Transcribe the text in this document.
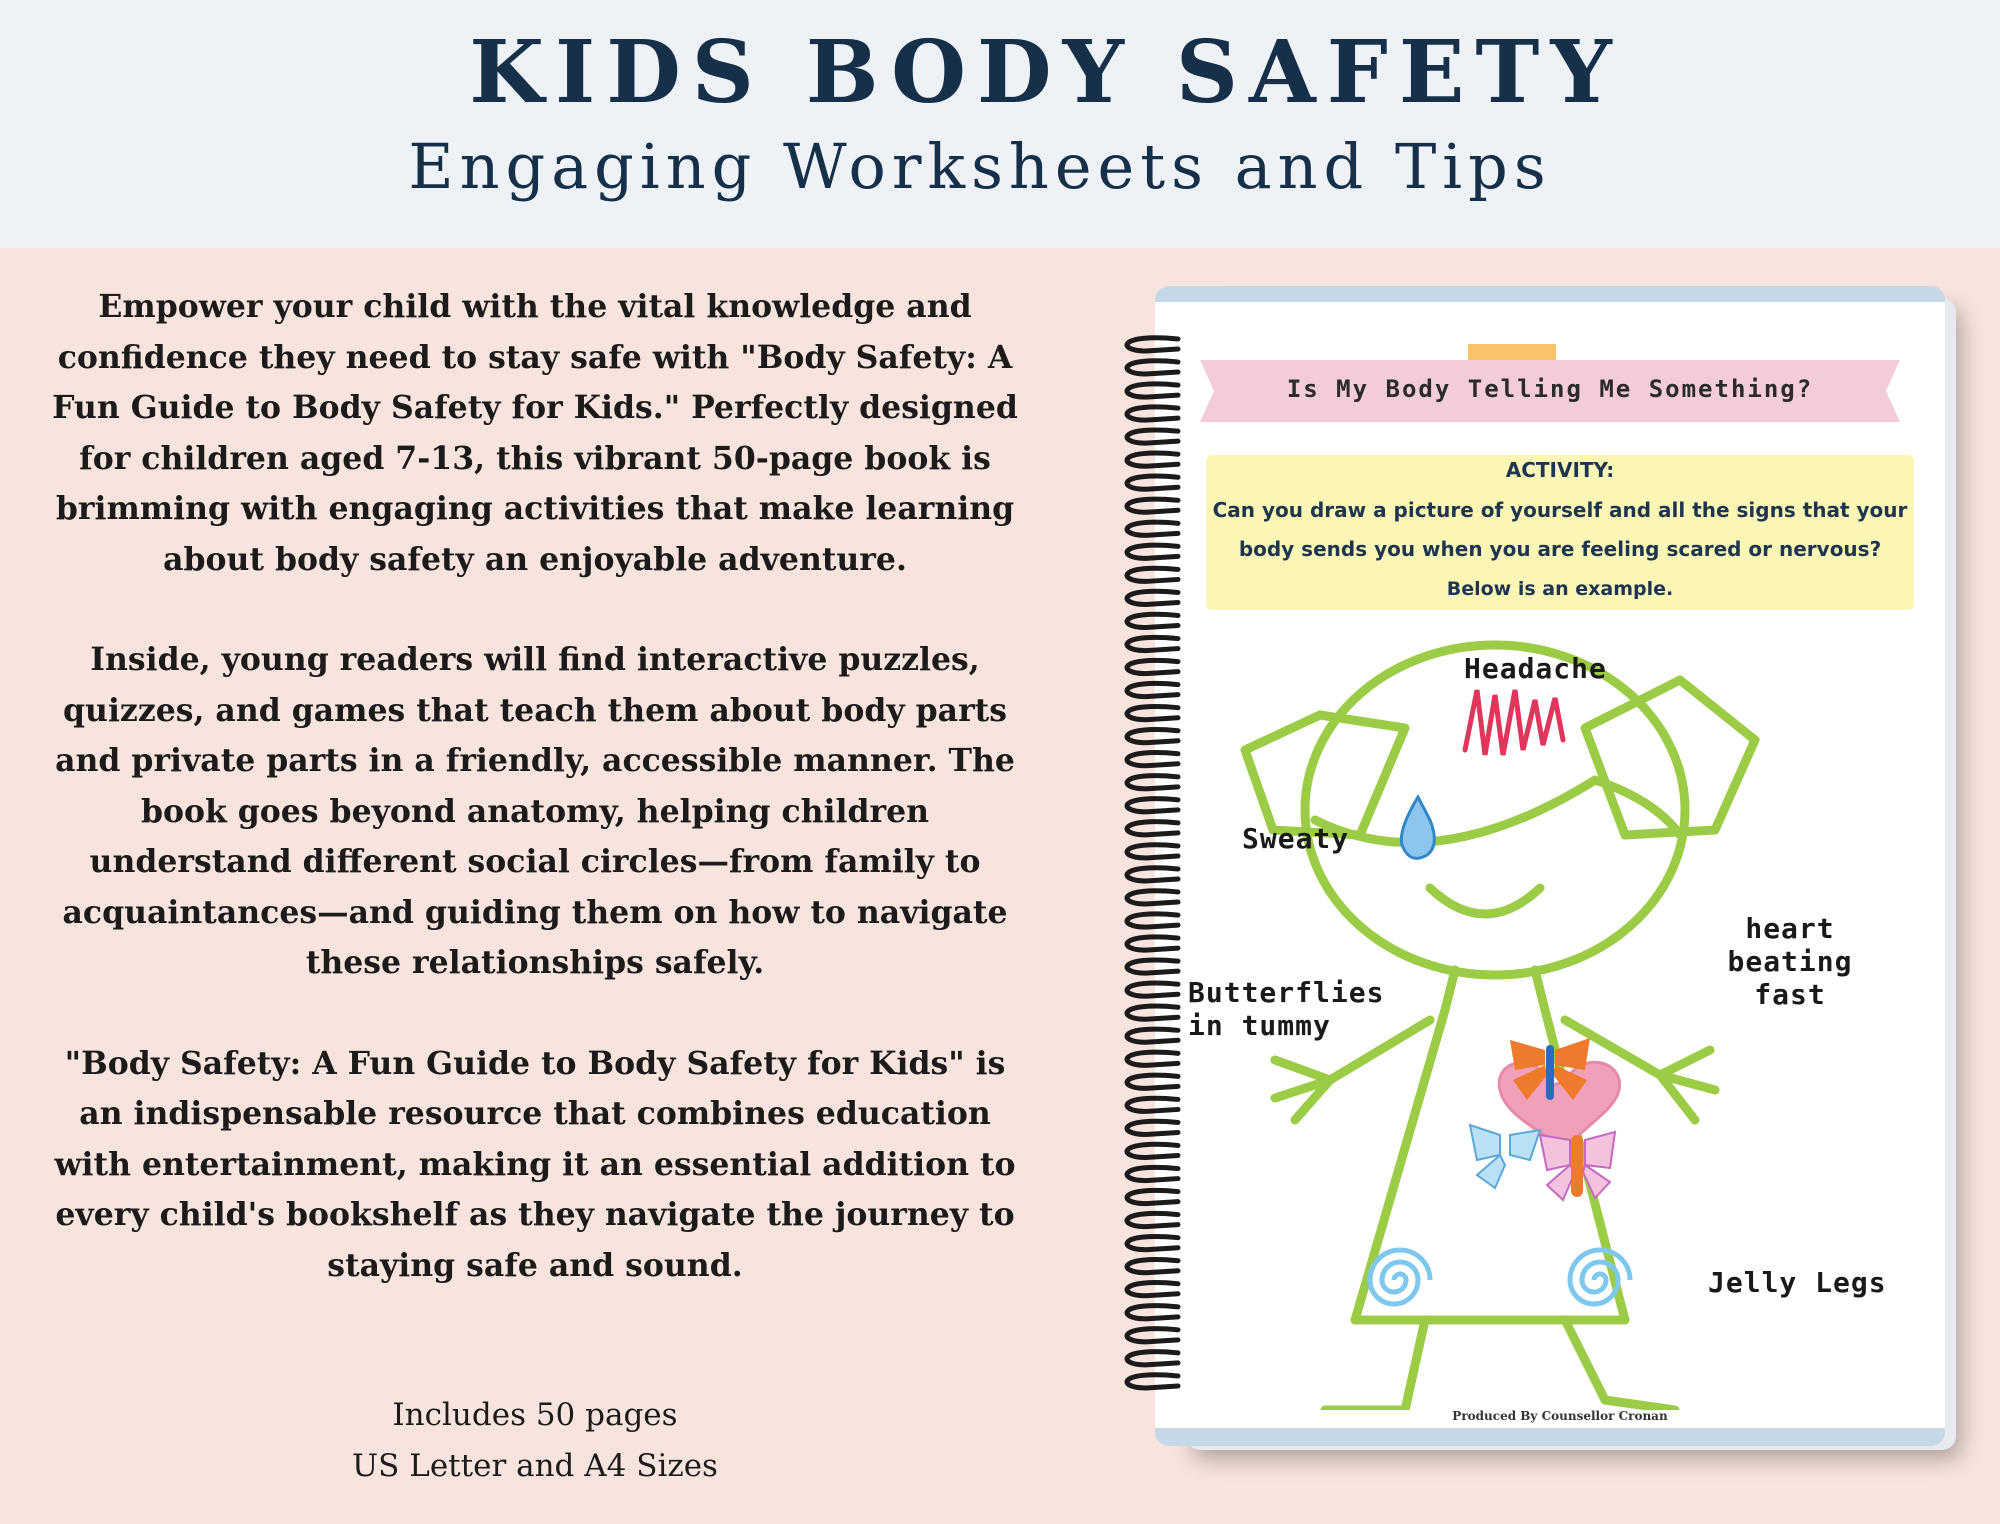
KIDS BODY SAFETY
Engaging Worksheets and Tips

Empower your child with the vital knowledge and confidence they need to stay safe with "Body Safety: A Fun Guide to Body Safety for Kids." Perfectly designed for children aged 7-13, this vibrant 50-page book is brimming with engaging activities that make learning about body safety an enjoyable adventure.

Inside, young readers will find interactive puzzles, quizzes, and games that teach them about body parts and private parts in a friendly, accessible manner. The book goes beyond anatomy, helping children understand different social circles—from family to acquaintances—and guiding them on how to navigate these relationships safely.

"Body Safety: A Fun Guide to Body Safety for Kids" is an indispensable resource that combines education with entertainment, making it an essential addition to every child's bookshelf as they navigate the journey to staying safe and sound.

Includes 50 pages
US Letter and A4 Sizes
Is My Body Telling Me Something?
ACTIVITY:
Can you draw a picture of yourself and all the signs that your
body sends you when you are feeling scared or nervous?
Below is an example.
Headache
Sweaty
heart
beating
fast
Butterflies
in tummy
Jelly Legs
Produced By Counsellor Cronan
